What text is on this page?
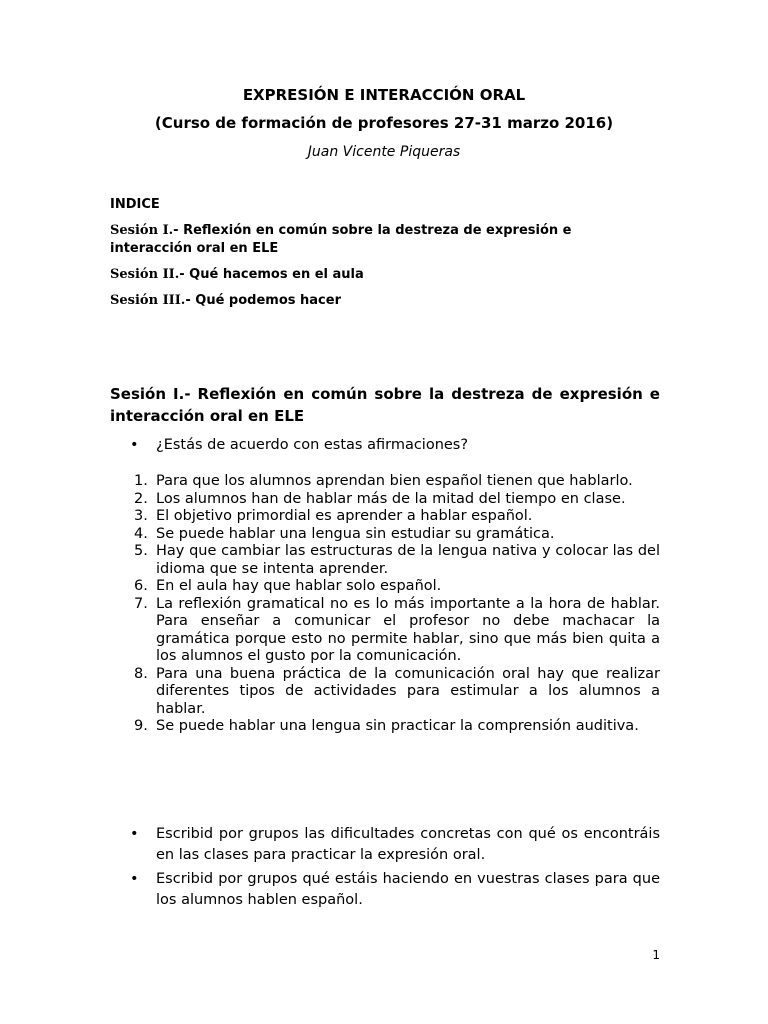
EXPRESIÓN E INTERACCIÓN ORAL
(Curso de formación de profesores 27-31 marzo 2016)
Juan Vicente Piqueras
INDICE
Sesión I.- Reflexión en común sobre la destreza de expresión e interacción oral en ELE
Sesión II.- Qué hacemos en el aula
Sesión III.- Qué podemos hacer
Sesión I.- Reflexión en común sobre la destreza de expresión e interacción oral en ELE
• ¿Estás de acuerdo con estas afirmaciones?
1. Para que los alumnos aprendan bien español tienen que hablarlo.
2. Los alumnos han de hablar más de la mitad del tiempo en clase.
3. El objetivo primordial es aprender a hablar español.
4. Se puede hablar una lengua sin estudiar su gramática.
5. Hay que cambiar las estructuras de la lengua nativa y colocar las del idioma que se intenta aprender.
6. En el aula hay que hablar solo español.
7. La reflexión gramatical no es lo más importante a la hora de hablar. Para enseñar a comunicar el profesor no debe machacar la gramática porque esto no permite hablar, sino que más bien quita a los alumnos el gusto por la comunicación.
8. Para una buena práctica de la comunicación oral hay que realizar diferentes tipos de actividades para estimular a los alumnos a hablar.
9. Se puede hablar una lengua sin practicar la comprensión auditiva.
• Escribid por grupos las dificultades concretas con qué os encontráis en las clases para practicar la expresión oral.
• Escribid por grupos qué estáis haciendo en vuestras clases para que los alumnos hablen español.
1
